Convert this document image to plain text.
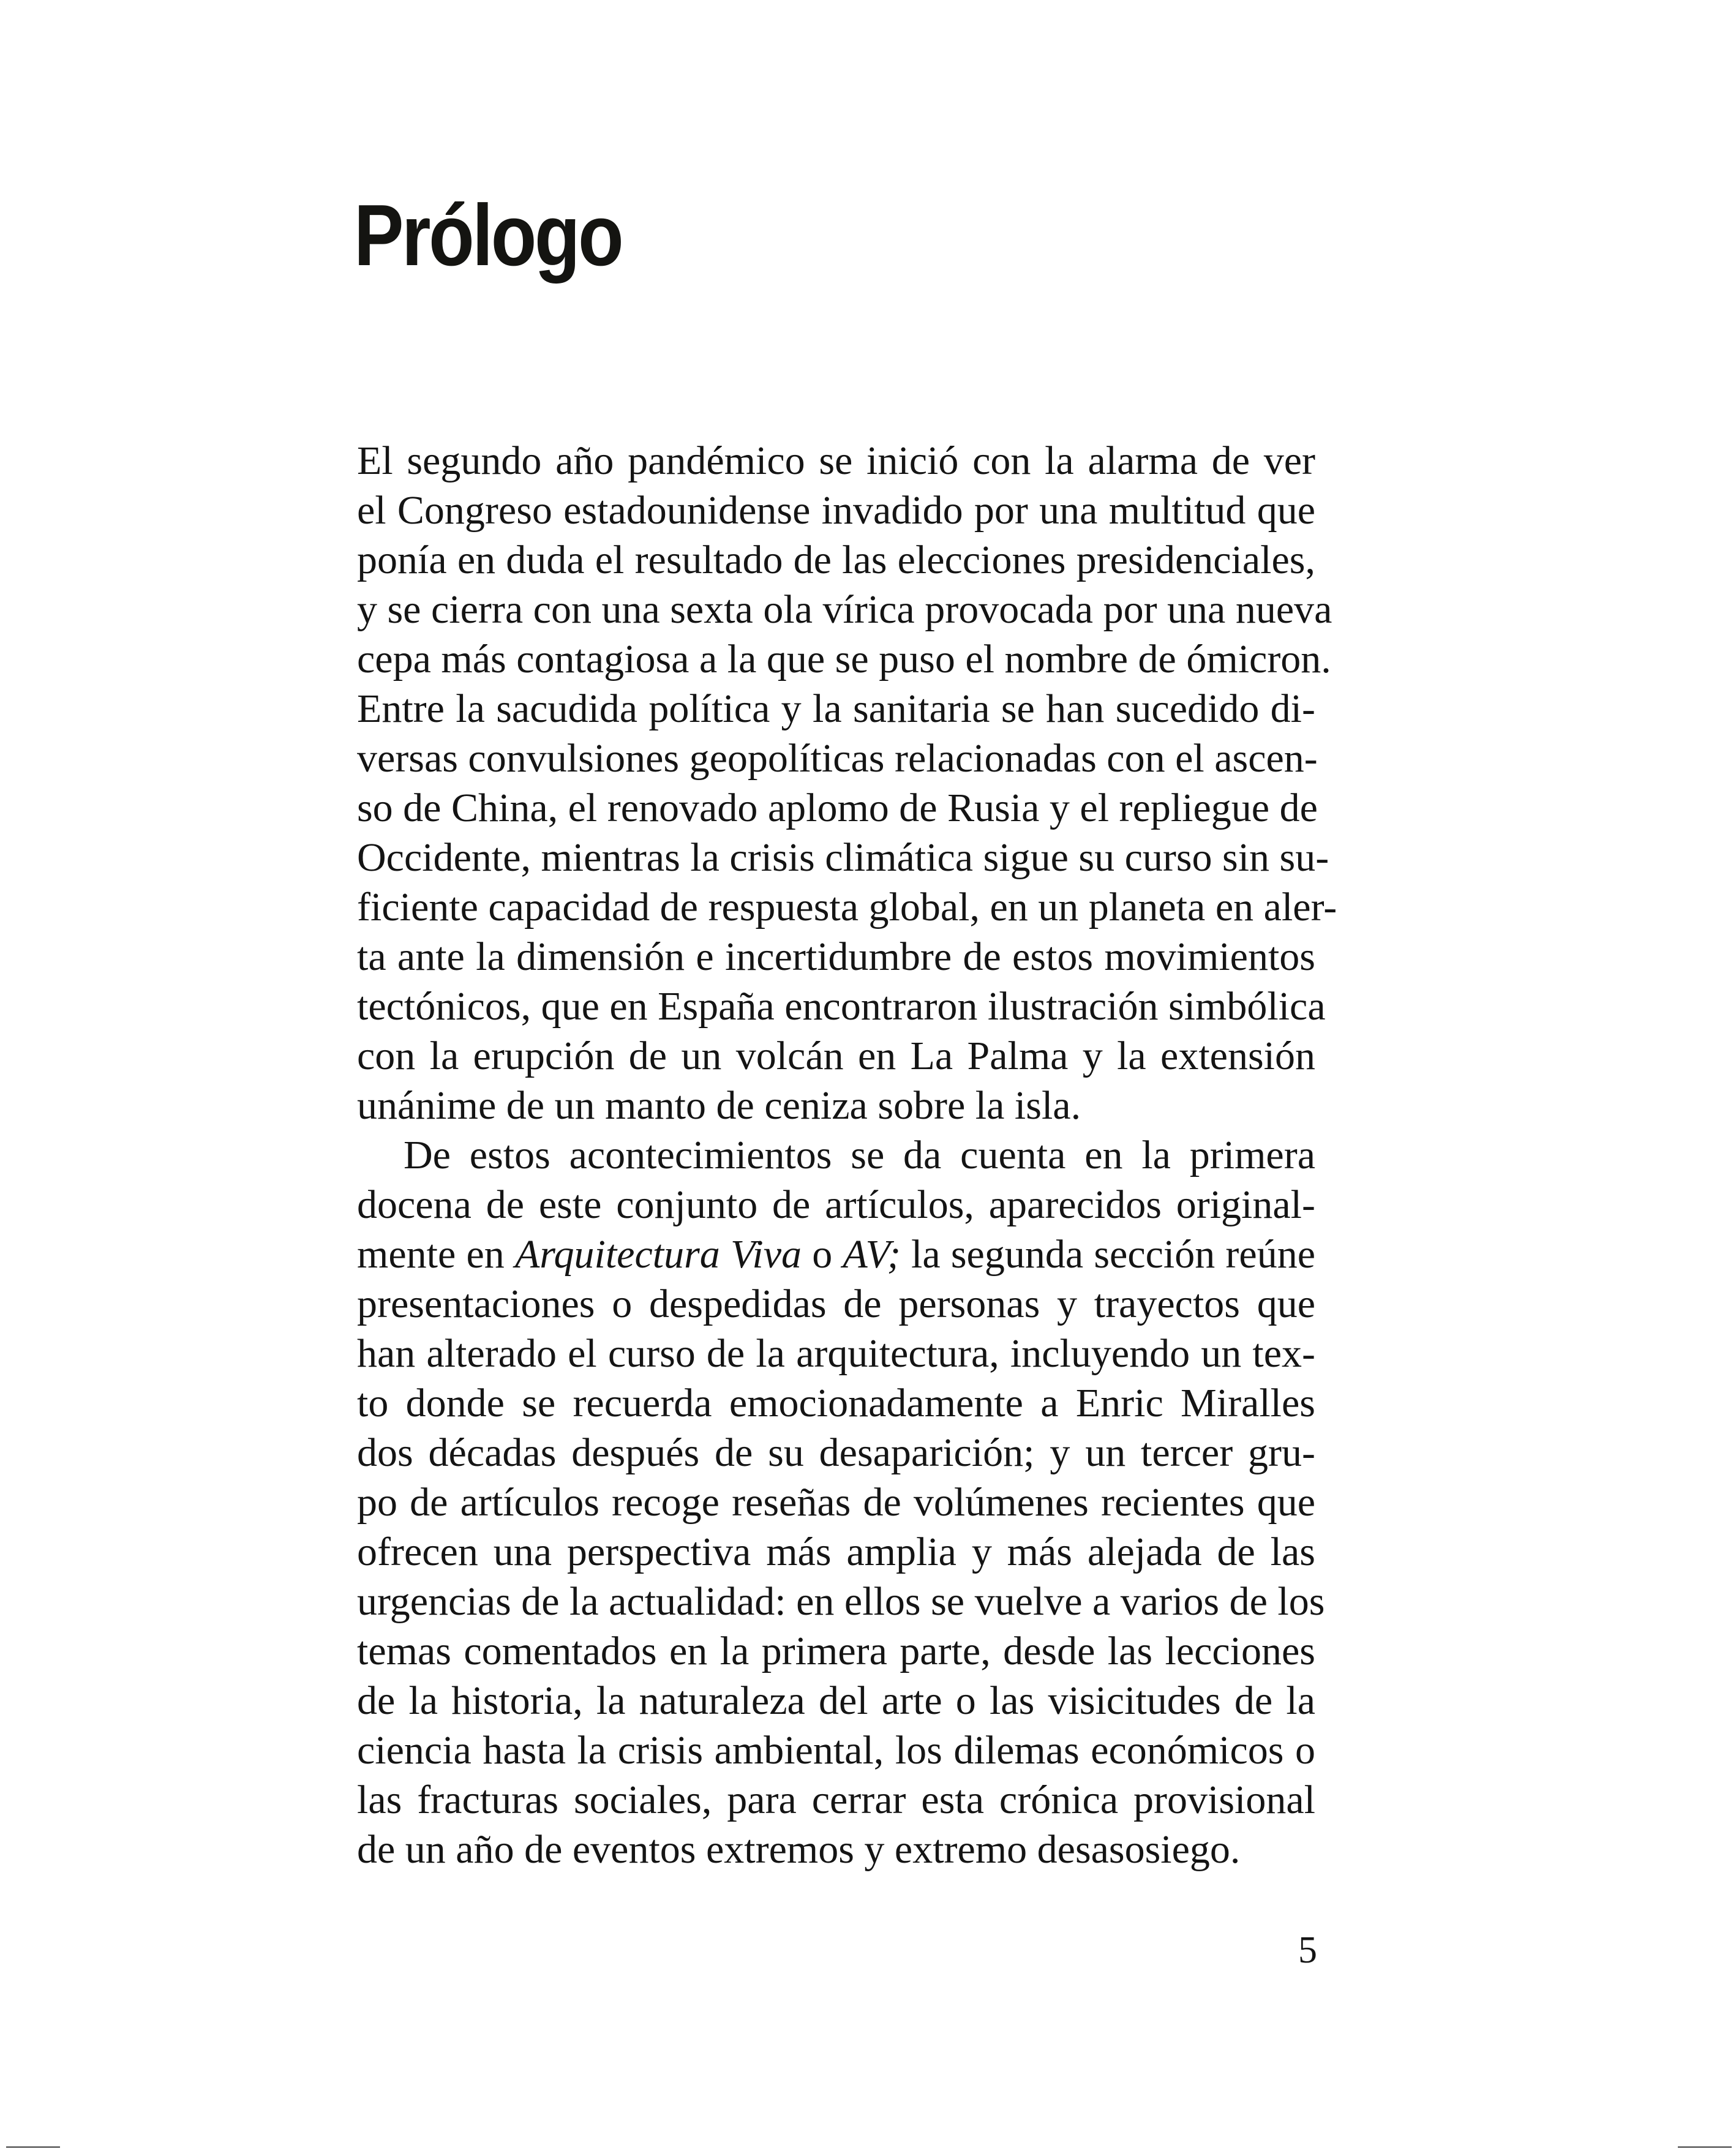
Prólogo
El segundo año pandémico se inició con la alarma de ver
el Congreso estadounidense invadido por una multitud que
ponía en duda el resultado de las elecciones presidenciales,
y se cierra con una sexta ola vírica provocada por una nueva
cepa más contagiosa a la que se puso el nombre de ómicron.
Entre la sacudida política y la sanitaria se han sucedido di-
versas convulsiones geopolíticas relacionadas con el ascen-
so de China, el renovado aplomo de Rusia y el repliegue de
Occidente, mientras la crisis climática sigue su curso sin su-
ficiente capacidad de respuesta global, en un planeta en aler-
ta ante la dimensión e incertidumbre de estos movimientos
tectónicos, que en España encontraron ilustración simbólica
con la erupción de un volcán en La Palma y la extensión
unánime de un manto de ceniza sobre la isla.
De estos acontecimientos se da cuenta en la primera
docena de este conjunto de artículos, aparecidos original-
mente en Arquitectura Viva o AV; la segunda sección reúne
presentaciones o despedidas de personas y trayectos que
han alterado el curso de la arquitectura, incluyendo un tex-
to donde se recuerda emocionadamente a Enric Miralles
dos décadas después de su desaparición; y un tercer gru-
po de artículos recoge reseñas de volúmenes recientes que
ofrecen una perspectiva más amplia y más alejada de las
urgencias de la actualidad: en ellos se vuelve a varios de los
temas comentados en la primera parte, desde las lecciones
de la historia, la naturaleza del arte o las visicitudes de la
ciencia hasta la crisis ambiental, los dilemas económicos o
las fracturas sociales, para cerrar esta crónica provisional
de un año de eventos extremos y extremo desasosiego.
5
